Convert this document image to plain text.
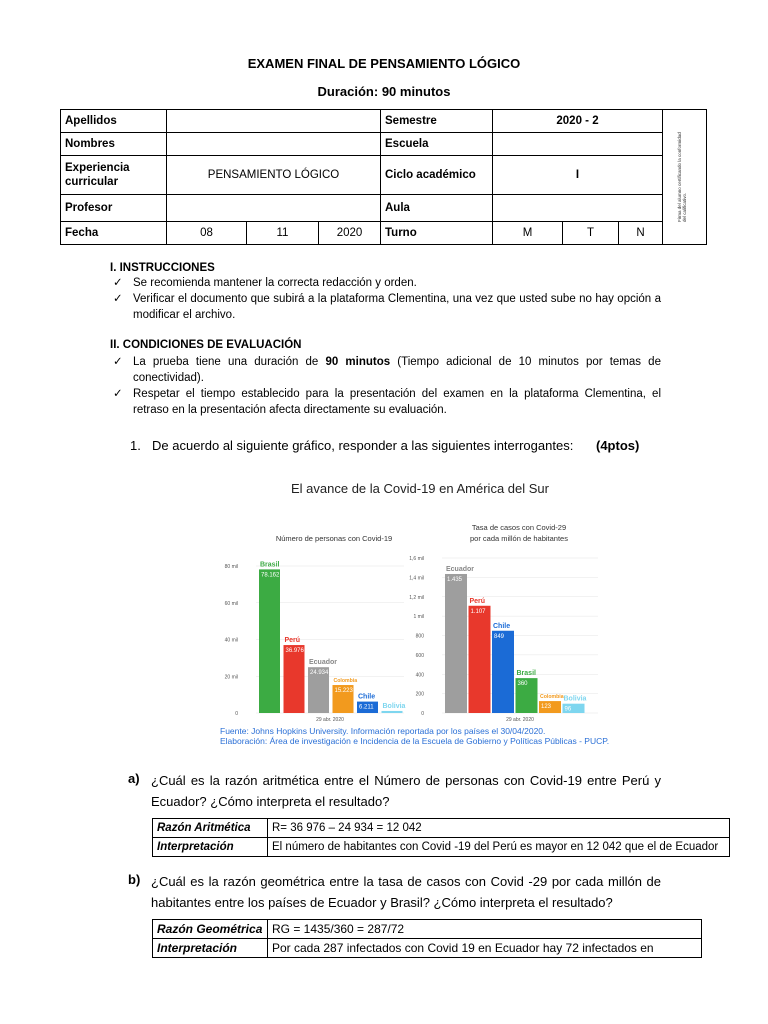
EXAMEN FINAL DE PENSAMIENTO LÓGICO
Duración: 90 minutos
Apellidos				Semestre	2020 - 2			Firma del alumno certificando la conformidad del calificativo.

Nombres				Escuela				
Experiencia curricular	PENSAMIENTO LÓGICO			Ciclo académico	I			
Profesor				Aula				
Fecha	08	11	2020	Turno	M	T	N	
I. INSTRUCCIONES
✓ Se recomienda mantener la correcta redacción y orden.
✓ Verificar el documento que subirá a la plataforma Clementina, una vez que usted sube no hay opción a modificar el archivo.
II. CONDICIONES DE EVALUACIÓN
✓ La prueba tiene una duración de 90 minutos (Tiempo adicional de 10 minutos por temas de conectividad).
✓ Respetar el tiempo establecido para la presentación del examen en la plataforma Clementina, el retraso en la presentación afecta directamente su evaluación.
1. De acuerdo al siguiente gráfico, responder a las siguientes interrogantes: (4ptos)
El avance de la Covid-19 en América del Sur
Número de personas con Covid-19
0
20 mil
40 mil
60 mil
80 mil
78.162
Brasil
36.976
Perú
24.934
Ecuador
15.223
Colombia
6.211
Chile
1.110
Bolivia
29 abr. 2020
Tasa de casos con Covid-29
por cada millón de habitantes
0
200
400
600
800
1 mil
1,2 mil
1,4 mil
1,6 mil
1.435
Ecuador
1.107
Perú
849
Chile
360
Brasil
123
Colombia
96
Bolivia
29 abr. 2020
Fuente: Johns Hopkins University. Información reportada por los países el 30/04/2020.
Elaboración: Área de investigación e Incidencia de la Escuela de Gobierno y Políticas Públicas - PUCP.
a) ¿Cuál es la razón aritmética entre el Número de personas con Covid-19 entre Perú y Ecuador? ¿Cómo interpreta el resultado?
Razón Aritmética	R= 36 976 – 24 934 = 12 042
Interpretación	El número de habitantes con Covid -19 del Perú es mayor en 12 042 que el de Ecuador
b) ¿Cuál es la razón geométrica entre la tasa de casos con Covid -29 por cada millón de habitantes entre los países de Ecuador y Brasil? ¿Cómo interpreta el resultado?
Razón Geométrica	RG = 1435/360 = 287/72
Interpretación	Por cada 287 infectados con Covid 19 en Ecuador hay 72 infectados en
